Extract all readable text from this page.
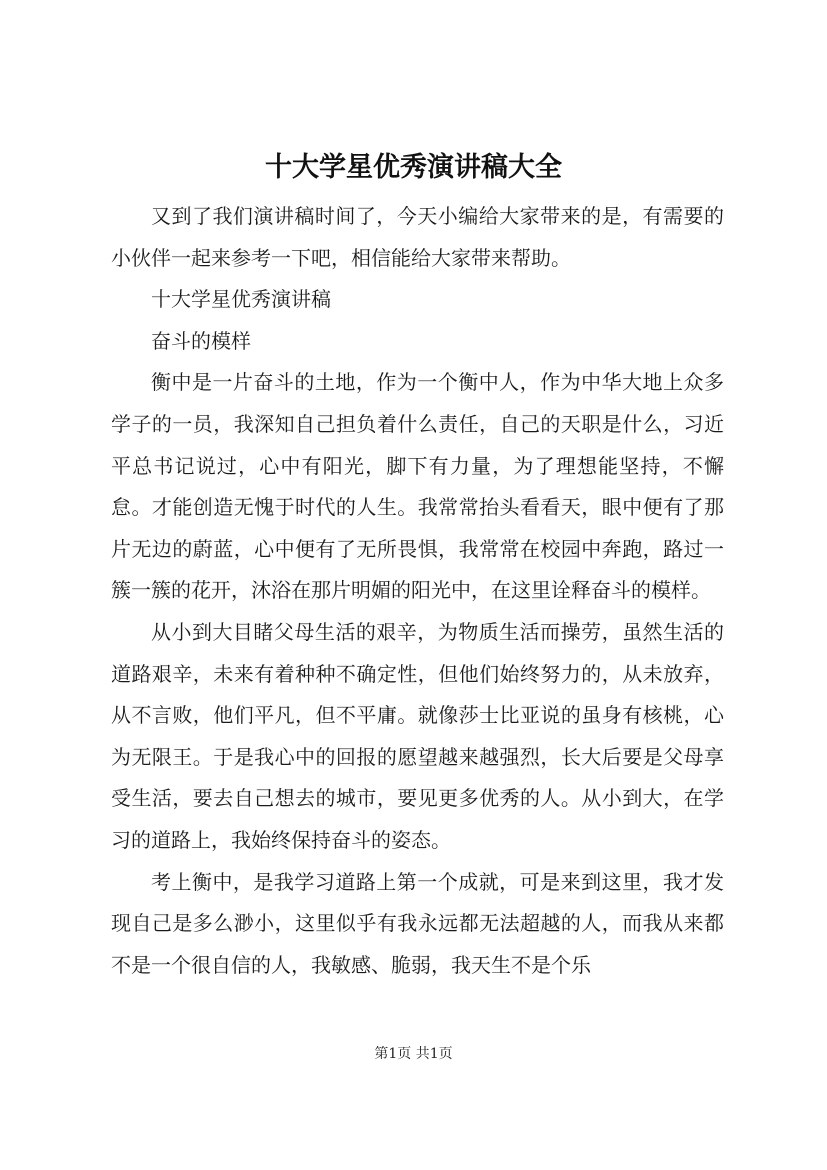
十大学星优秀演讲稿大全

又到了我们演讲稿时间了，今天小编给大家带来的是，有需要的小伙伴一起来参考一下吧，相信能给大家带来帮助。

十大学星优秀演讲稿

奋斗的模样

衡中是一片奋斗的土地，作为一个衡中人，作为中华大地上众多学子的一员，我深知自己担负着什么责任，自己的天职是什么，习近平总书记说过，心中有阳光，脚下有力量，为了理想能坚持，不懈怠。才能创造无愧于时代的人生。我常常抬头看看天，眼中便有了那片无边的蔚蓝，心中便有了无所畏惧，我常常在校园中奔跑，路过一簇一簇的花开，沐浴在那片明媚的阳光中，在这里诠释奋斗的模样。

从小到大目睹父母生活的艰辛，为物质生活而操劳，虽然生活的道路艰辛，未来有着种种不确定性，但他们始终努力的，从未放弃，从不言败，他们平凡，但不平庸。就像莎士比亚说的虽身有核桃，心为无限王。于是我心中的回报的愿望越来越强烈，长大后要是父母享受生活，要去自己想去的城市，要见更多优秀的人。从小到大，在学习的道路上，我始终保持奋斗的姿态。

考上衡中，是我学习道路上第一个成就，可是来到这里，我才发现自己是多么渺小，这里似乎有我永远都无法超越的人，而我从来都不是一个很自信的人，我敏感、脆弱，我天生不是个乐

第1页 共1页
